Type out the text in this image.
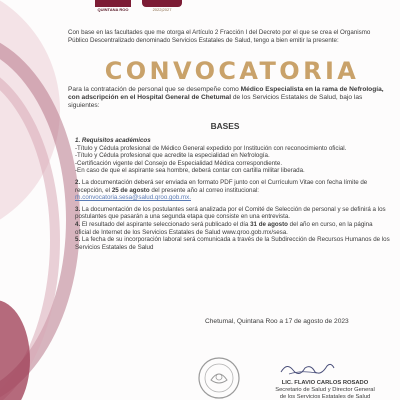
QUINTANA ROO	2022|2027
Con base en las facultades que me otorga el Artículo 2 Fracción I del Decreto por el que se crea el Organismo Público Descentralizado denominado Servicios Estatales de Salud, tengo a bien emitir la presente:
CONVOCATORIA
Para la contratación de personal que se desempeñe como Médico Especialista en la rama de Nefrología, con adscripción en el Hospital General de Chetumal de los Servicios Estatales de Salud, bajo las siguientes:
BASES
1. Requisitos académicos
-Título y Cédula profesional de Médico General expedido por Institución con reconocimiento oficial.
-Título y Cédula profesional que acredite la especialidad en Nefrología.
-Certificación vigente del Consejo de Especialidad Médica correspondiente.
-En caso de que el aspirante sea hombre, deberá contar con cartilla militar liberada.
2. La documentación deberá ser enviada en formato PDF junto con el Currículum Vitae con fecha límite de recepción, el 25 de agosto del presente año al correo institucional:
rh.convocatoria.sesa@salud.qroo.gob.mx.
3. La documentación de los postulantes será analizada por el Comité de Selección de personal y se definirá a los postulantes que pasarán a una segunda etapa que consiste en una entrevista.
4. El resultado del aspirante seleccionado será publicado el día 31 de agosto del año en curso, en la página oficial de Internet de los Servicios Estatales de Salud www.qroo.gob.mx/sesa.
5. La fecha de su incorporación laboral será comunicada a través de la Subdirección de Recursos Humanos de los Servicios Estatales de Salud
Chetumal, Quintana Roo a 17 de agosto de 2023
LIC. FLAVIO CARLOS ROSADO
Secretario de Salud y Director General
de los Servicios Estatales de Salud
